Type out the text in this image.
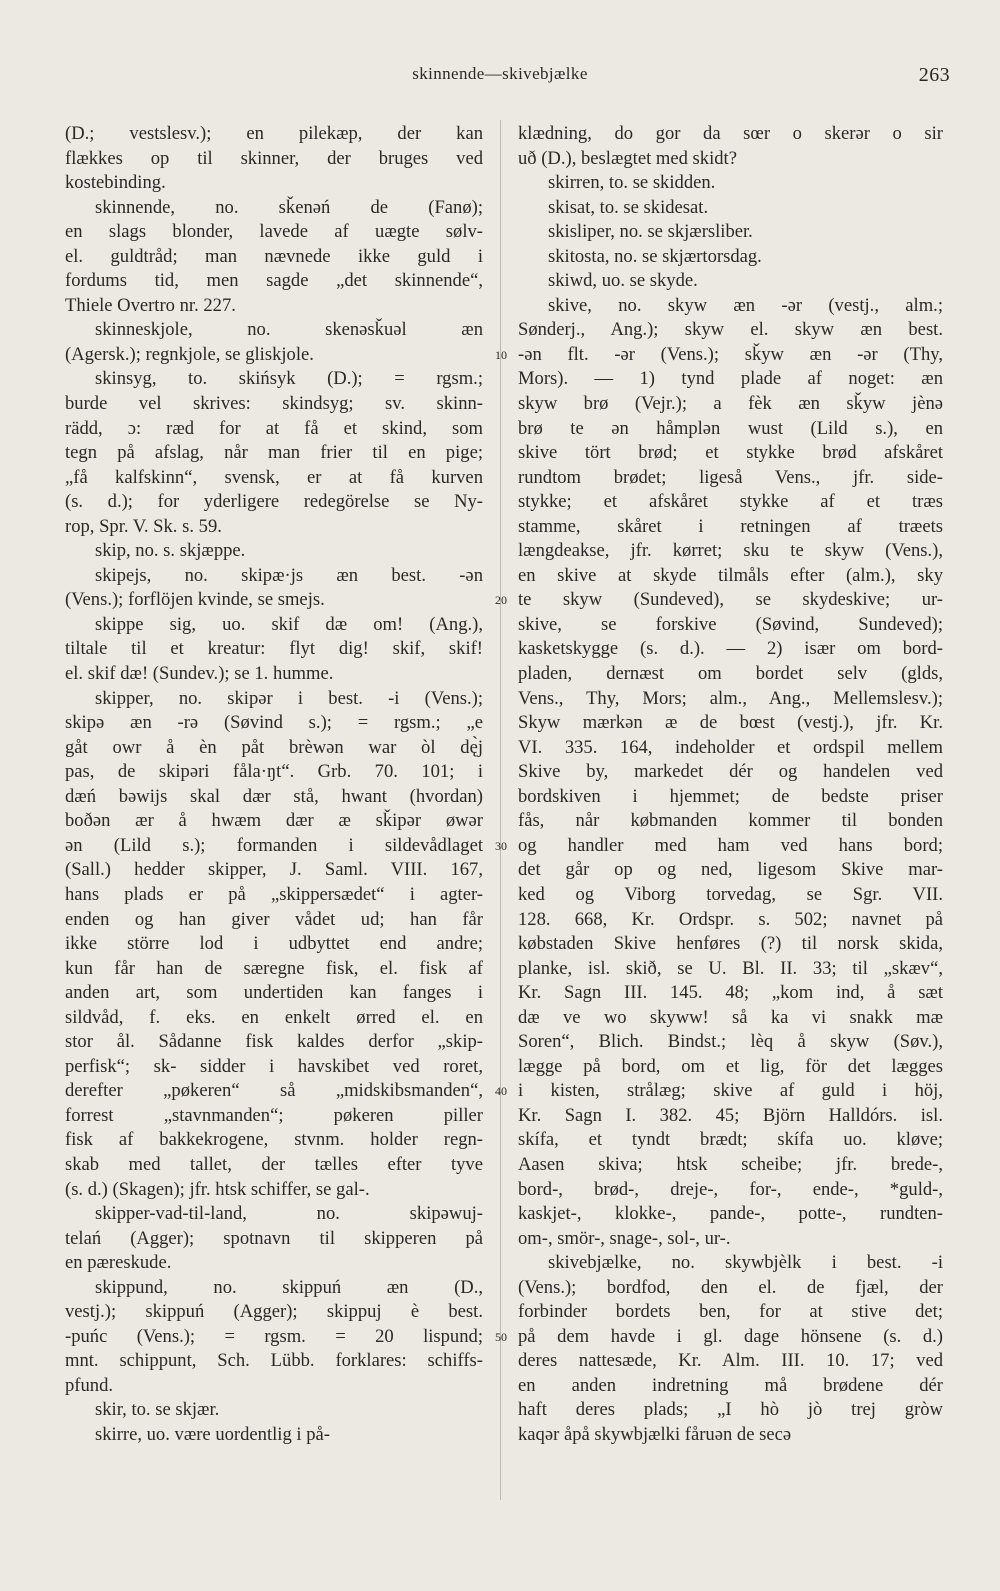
skinnende—skivebjælke	263
10
20
30
40
50
(D.; vestslesv.); en pilekæp, der kan
flækkes op til skinner, der bruges ved
kostebinding.
skinnende, no. sǩenəń de (Fanø);
en slags blonder, lavede af uægte sølv-
el. guldtråd; man nævnede ikke guld i
fordums tid, men sagde „det skinnende“,
Thiele Overtro nr. 227.
skinneskjole, no. skenəsǩuəl æn
(Agersk.); regnkjole, se gliskjole.
skinsyg, to. skińsyk (D.); = rgsm.;
burde vel skrives: skindsyg; sv. skinn-
rädd, ɔ: ræd for at få et skind, som
tegn på afslag, når man frier til en pige;
„få kalfskinn“, svensk, er at få kurven
(s. d.); for yderligere redegörelse se Ny-
rop, Spr. V. Sk. s. 59.
skip, no. s. skjæppe.
skipejs, no. skipæ·js æn best. -ən
(Vens.); forflöjen kvinde, se smejs.
skippe sig, uo. skif dæ om! (Ang.),
tiltale til et kreatur: flyt dig! skif, skif!
el. skif dæ! (Sundev.); se 1. humme.
skipper, no. skipər i best. -i (Vens.);
skipə æn -rə (Søvind s.); = rgsm.; „e
gåt owr å èn påt brèwən war òl dę̀j
pas, de skipəri fåla·ŋt“. Grb. 70. 101; i
dæń bəwijs skal dær stå, hwant (hvordan)
boðən ær å hwæm dær æ sǩipər øwər
ən (Lild s.); formanden i sildevådlaget
(Sall.) hedder skipper, J. Saml. VIII. 167,
hans plads er på „skippersædet“ i agter-
enden og han giver vådet ud; han får
ikke större lod i udbyttet end andre;
kun får han de særegne fisk, el. fisk af
anden art, som undertiden kan fanges i
sildvåd, f. eks. en enkelt ørred el. en
stor ål. Sådanne fisk kaldes derfor „skip-
perfisk“; sk- sidder i havskibet ved roret,
derefter „pøkeren“ så „midskibsmanden“,
forrest „stavnmanden“; pøkeren piller
fisk af bakkekrogene, stvnm. holder regn-
skab med tallet, der tælles efter tyve
(s. d.) (Skagen); jfr. htsk schiffer, se gal-.
skipper-vad-til-land, no. skipəwuj-
telań (Agger); spotnavn til skipperen på
en pæreskude.
skippund, no. skippuń æn (D.,
vestj.); skippuń (Agger); skippuj è best.
-puńc (Vens.); = rgsm. = 20 lispund;
mnt. schippunt, Sch. Lübb. forklares: schiffs-
pfund.
skir, to. se skjær.
skirre, uo. være uordentlig i på-
klædning, do gor da sœr o skerər o sir
uð (D.), beslægtet med skidt?
skirren, to. se skidden.
skisat, to. se skidesat.
skisliper, no. se skjærsliber.
skitosta, no. se skjærtorsdag.
skiwd, uo. se skyde.
skive, no. skyw æn -ər (vestj., alm.;
Sønderj., Ang.); skyw el. skyw æn best.
-ən flt. -ər (Vens.); sǩyw æn -ər (Thy,
Mors). — 1) tynd plade af noget: æn
skyw brø (Vejr.); a fèk æn sǩyw jènə
brø te ən håmplən wust (Lild s.), en
skive tört brød; et stykke brød afskåret
rundtom brødet; ligeså Vens., jfr. side-
stykke; et afskåret stykke af et træs
stamme, skåret i retningen af træets
længdeakse, jfr. kørret; sku te skyw (Vens.),
en skive at skyde tilmåls efter (alm.), sky
te skyw (Sundeved), se skydeskive; ur-
skive, se forskive (Søvind, Sundeved);
kasketskygge (s. d.). — 2) især om bord-
pladen, dernæst om bordet selv (glds,
Vens., Thy, Mors; alm., Ang., Mellemslesv.);
Skyw mærkən æ de bœst (vestj.), jfr. Kr.
VI. 335. 164, indeholder et ordspil mellem
Skive by, markedet dér og handelen ved
bordskiven i hjemmet; de bedste priser
fås, når købmanden kommer til bonden
og handler med ham ved hans bord;
det går op og ned, ligesom Skive mar-
ked og Viborg torvedag, se Sgr. VII.
128. 668, Kr. Ordspr. s. 502; navnet på
købstaden Skive henføres (?) til norsk skida,
planke, isl. skið, se U. Bl. II. 33; til „skæv“,
Kr. Sagn III. 145. 48; „kom ind, å sæt
dæ ve wo skyww! så ka vi snakk mæ
Soren“, Blich. Bindst.; lèq å skyw (Søv.),
lægge på bord, om et lig, för det lægges
i kisten, strålæg; skive af guld i höj,
Kr. Sagn I. 382. 45; Björn Halldórs. isl.
skífa, et tyndt brædt; skífa uo. kløve;
Aasen skiva; htsk scheibe; jfr. brede-,
bord-, brød-, dreje-, for-, ende-, *guld-,
kaskjet-, klokke-, pande-, potte-, rundten-
om-, smör-, snage-, sol-, ur-.
skivebjælke, no. skywbjèlk i best. -i
(Vens.); bordfod, den el. de fjæl, der
forbinder bordets ben, for at stive det;
på dem havde i gl. dage hönsene (s. d.)
deres nattesæde, Kr. Alm. III. 10. 17; ved
en anden indretning må brødene dér
haft deres plads; „I hò jò trej gròw
kaqər åpå skywbjælki fåruən de secə
